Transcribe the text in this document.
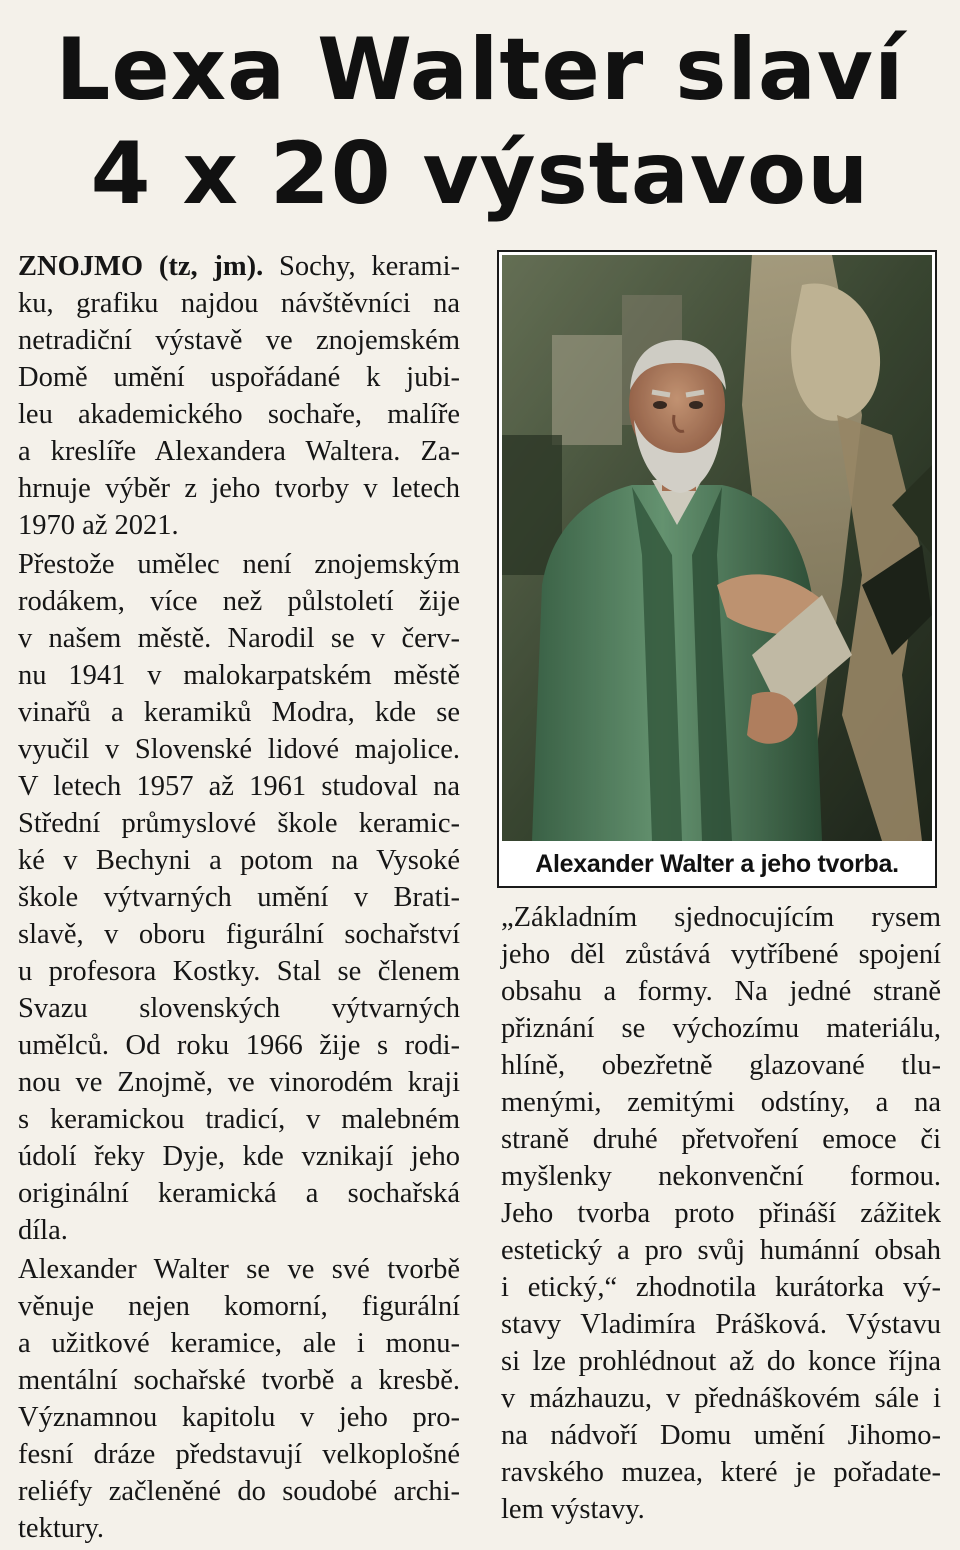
Lexa Walter slaví
4 x 20 výstavou

ZNOJMO (tz, jm). Sochy, kerami-
ku, grafiku najdou návštěvníci na
netradiční výstavě ve znojemském
Domě umění uspořádané k jubi-
leu akademického sochaře, malíře
a kreslíře Alexandera Waltera. Za-
hrnuje výběr z jeho tvorby v letech
1970 až 2021.

Přestože umělec není znojemským
rodákem, více než půlstoletí žije
v našem městě. Narodil se v červ-
nu 1941 v malokarpatském městě
vinařů a keramiků Modra, kde se
vyučil v Slovenské lidové majolice.
V letech 1957 až 1961 studoval na
Střední průmyslové škole keramic-
ké v Bechyni a potom na Vysoké
škole výtvarných umění v Brati-
slavě, v oboru figurální sochařství
u profesora Kostky. Stal se členem
Svazu slovenských výtvarných
umělců. Od roku 1966 žije s rodi-
nou ve Znojmě, ve vinorodém kraji
s keramickou tradicí, v malebném
údolí řeky Dyje, kde vznikají jeho
originální keramická a sochařská
díla.

Alexander Walter se ve své tvorbě
věnuje nejen komorní, figurální
a užitkové keramice, ale i monu-
mentální sochařské tvorbě a kresbě.
Významnou kapitolu v jeho pro-
fesní dráze představují velkoplošné
reliéfy začleněné do soudobé archi-
tektury.

Alexander Walter a jeho tvorba.

„Základním sjednocujícím rysem
jeho děl zůstává vytříbené spojení
obsahu a formy. Na jedné straně
přiznání se výchozímu materiálu,
hlíně, obezřetně glazované tlu-
menými, zemitými odstíny, a na
straně druhé přetvoření emoce či
myšlenky nekonvenční formou.
Jeho tvorba proto přináší zážitek
estetický a pro svůj humánní obsah
i etický,“ zhodnotila kurátorka vý-
stavy Vladimíra Prášková. Výstavu
si lze prohlédnout až do konce října
v mázhauzu, v přednáškovém sále i
na nádvoří Domu umění Jihomo-
ravského muzea, které je pořadate-
lem výstavy.
